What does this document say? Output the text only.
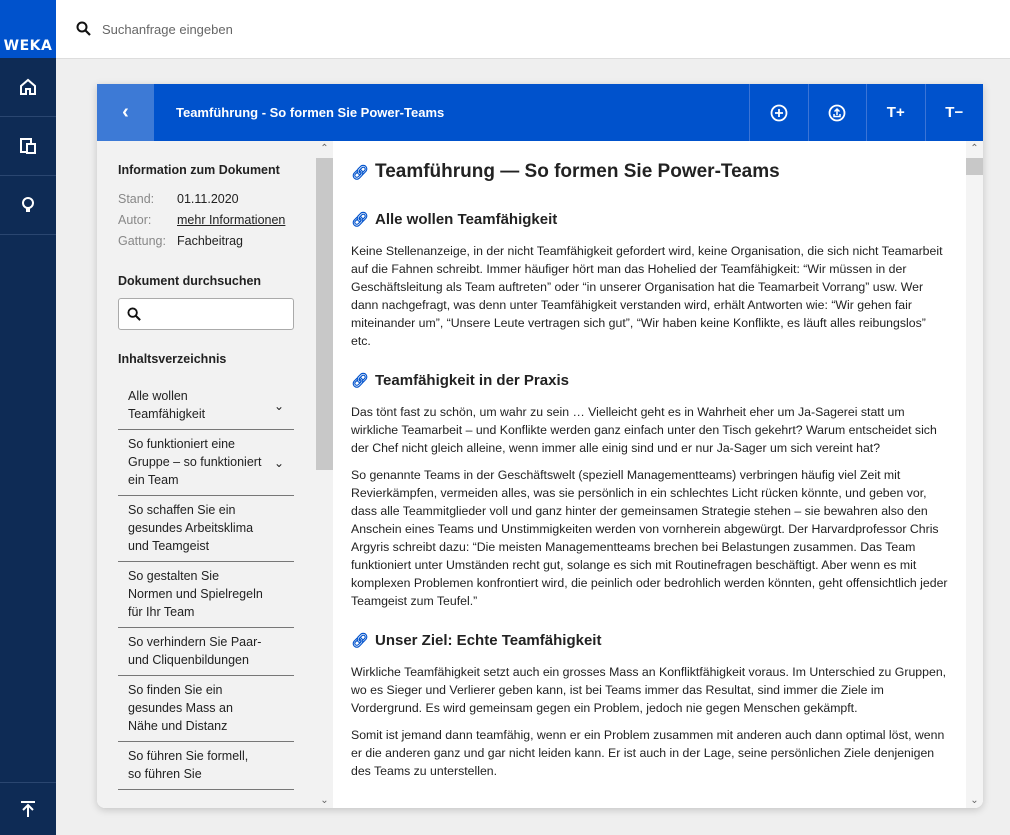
WEKA
Suchanfrage eingeben
‹	Teamführung - So formen Sie Power-Teams	T+	T−
Information zum Dokument
Stand:	01.11.2020
Autor:	mehr Informationen
Gattung: Fachbeitrag
Dokument durchsuchen
Inhaltsverzeichnis
Alle wollen Teamfähigkeit
⌄
So funktioniert eine Gruppe – so funktioniert ein Team
⌄
So schaffen Sie ein gesundes Arbeitsklima und Teamgeist
So gestalten Sie Normen und Spielregeln für Ihr Team
So verhindern Sie Paar- und Cliquenbildungen
So finden Sie ein gesundes Mass an Nähe und Distanz
So führen Sie formell, so führen Sie
⌃
⌄
🔗︎ Teamführung — So formen Sie Power-Teams
🔗︎ Alle wollen Teamfähigkeit

Keine Stellenanzeige, in der nicht Teamfähigkeit gefordert wird, keine Organisation, die sich nicht Teamarbeit auf die Fahnen schreibt. Immer häufiger hört man das Hohelied der Teamfähigkeit: “Wir müssen in der Geschäftsleitung als Team auftreten” oder “in unserer Organisation hat die Teamarbeit Vorrang” usw. Wer dann nachgefragt, was denn unter Teamfähigkeit verstanden wird, erhält Antworten wie: “Wir gehen fair miteinander um”, “Unsere Leute vertragen sich gut”, “Wir haben keine Konflikte, es läuft alles reibungslos” etc.

🔗︎ Teamfähigkeit in der Praxis

Das tönt fast zu schön, um wahr zu sein … Vielleicht geht es in Wahrheit eher um Ja-Sagerei statt um wirkliche Teamarbeit – und Konflikte werden ganz einfach unter den Tisch gekehrt? Warum entscheidet sich der Chef nicht gleich alleine, wenn immer alle einig sind und er nur Ja-Sager um sich vereint hat?

So genannte Teams in der Geschäftswelt (speziell Managementteams) verbringen häufig viel Zeit mit Revierkämpfen, vermeiden alles, was sie persönlich in ein schlechtes Licht rücken könnte, und geben vor, dass alle Teammitglieder voll und ganz hinter der gemeinsamen Strategie stehen – sie bewahren also den Anschein eines Teams und Unstimmigkeiten werden von vornherein abgewürgt. Der Harvardprofessor Chris Argyris schreibt dazu: “Die meisten Managementteams brechen bei Belastungen zusammen. Das Team funktioniert unter Umständen recht gut, solange es sich mit Routinefragen beschäftigt. Aber wenn es mit komplexen Problemen konfrontiert wird, die peinlich oder bedrohlich werden könnten, geht offensichtlich jeder Teamgeist zum Teufel.”

🔗︎ Unser Ziel: Echte Teamfähigkeit

Wirkliche Teamfähigkeit setzt auch ein grosses Mass an Konfliktfähigkeit voraus. Im Unterschied zu Gruppen, wo es Sieger und Verlierer geben kann, ist bei Teams immer das Resultat, sind immer die Ziele im Vordergrund. Es wird gemeinsam gegen ein Problem, jedoch nie gegen Menschen gekämpft.

Somit ist jemand dann teamfähig, wenn er ein Problem zusammen mit anderen auch dann optimal löst, wenn er die anderen ganz und gar nicht leiden kann. Er ist auch in der Lage, seine persönlichen Ziele denjenigen des Teams zu unterstellen.

⌃
⌄
